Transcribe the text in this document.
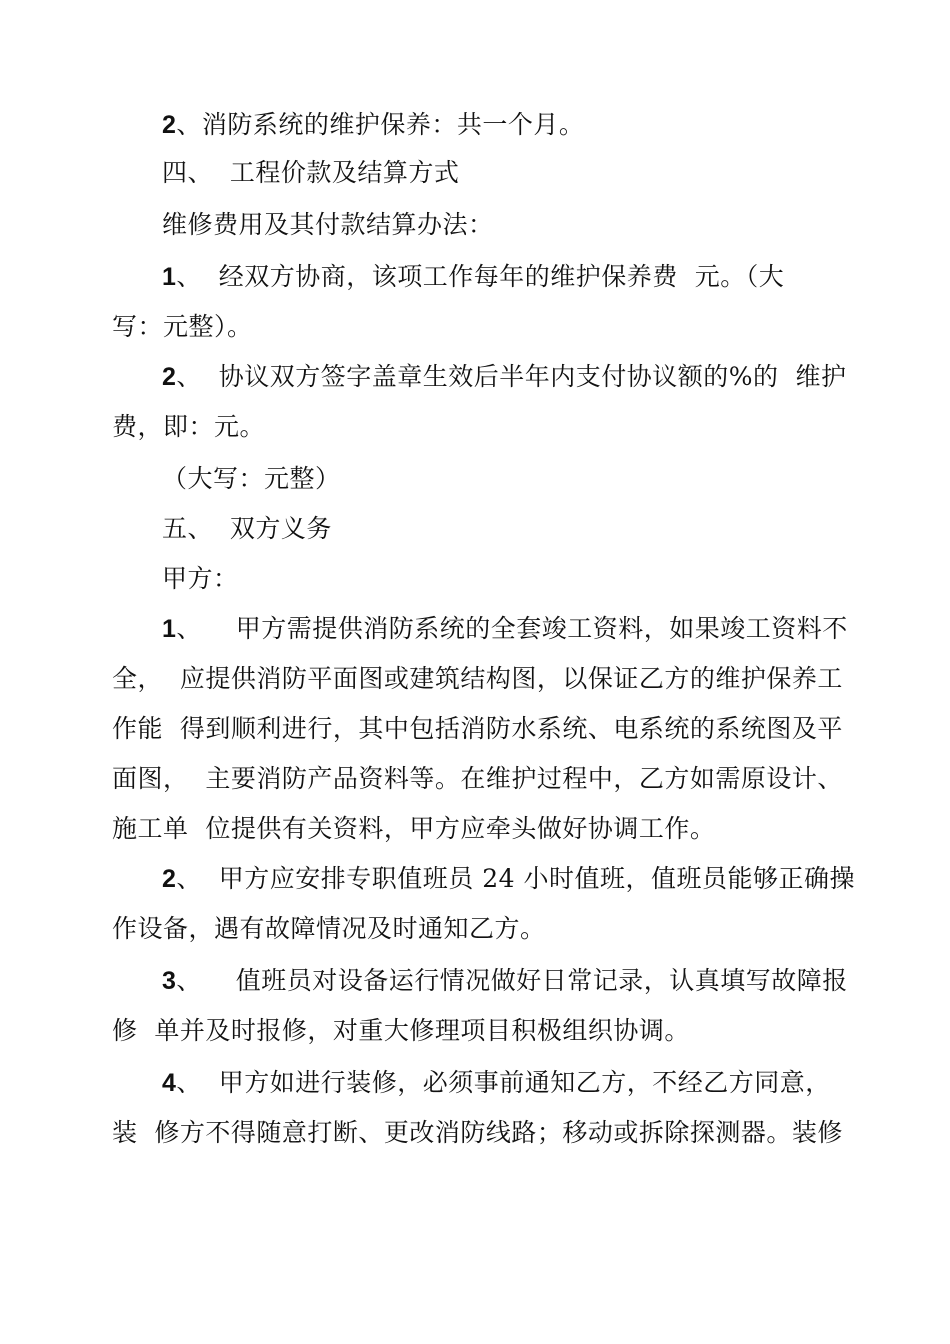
2、消防系统的维护保养：共一个月。
四、  工程价款及结算方式
维修费用及其付款结算办法：
1、  经双方协商，该项工作每年的维护保养费  元。（大
写：元整）。
2、  协议双方签字盖章生效后半年内支付协议额的%的  维护
费，即：元。
（大写：元整）
五、  双方义务
甲方：
1、    甲方需提供消防系统的全套竣工资料，如果竣工资料不
全，  应提供消防平面图或建筑结构图，以保证乙方的维护保养工
作能  得到顺利进行，其中包括消防水系统、电系统的系统图及平
面图，  主要消防产品资料等。在维护过程中，乙方如需原设计、
施工单  位提供有关资料，甲方应牵头做好协调工作。
2、  甲方应安排专职值班员 24 小时值班，值班员能够正确操
作设备，遇有故障情况及时通知乙方。
3、    值班员对设备运行情况做好日常记录，认真填写故障报
修  单并及时报修，对重大修理项目积极组织协调。
4、  甲方如进行装修，必须事前通知乙方，不经乙方同意，
装  修方不得随意打断、更改消防线路；移动或拆除探测器。装修
